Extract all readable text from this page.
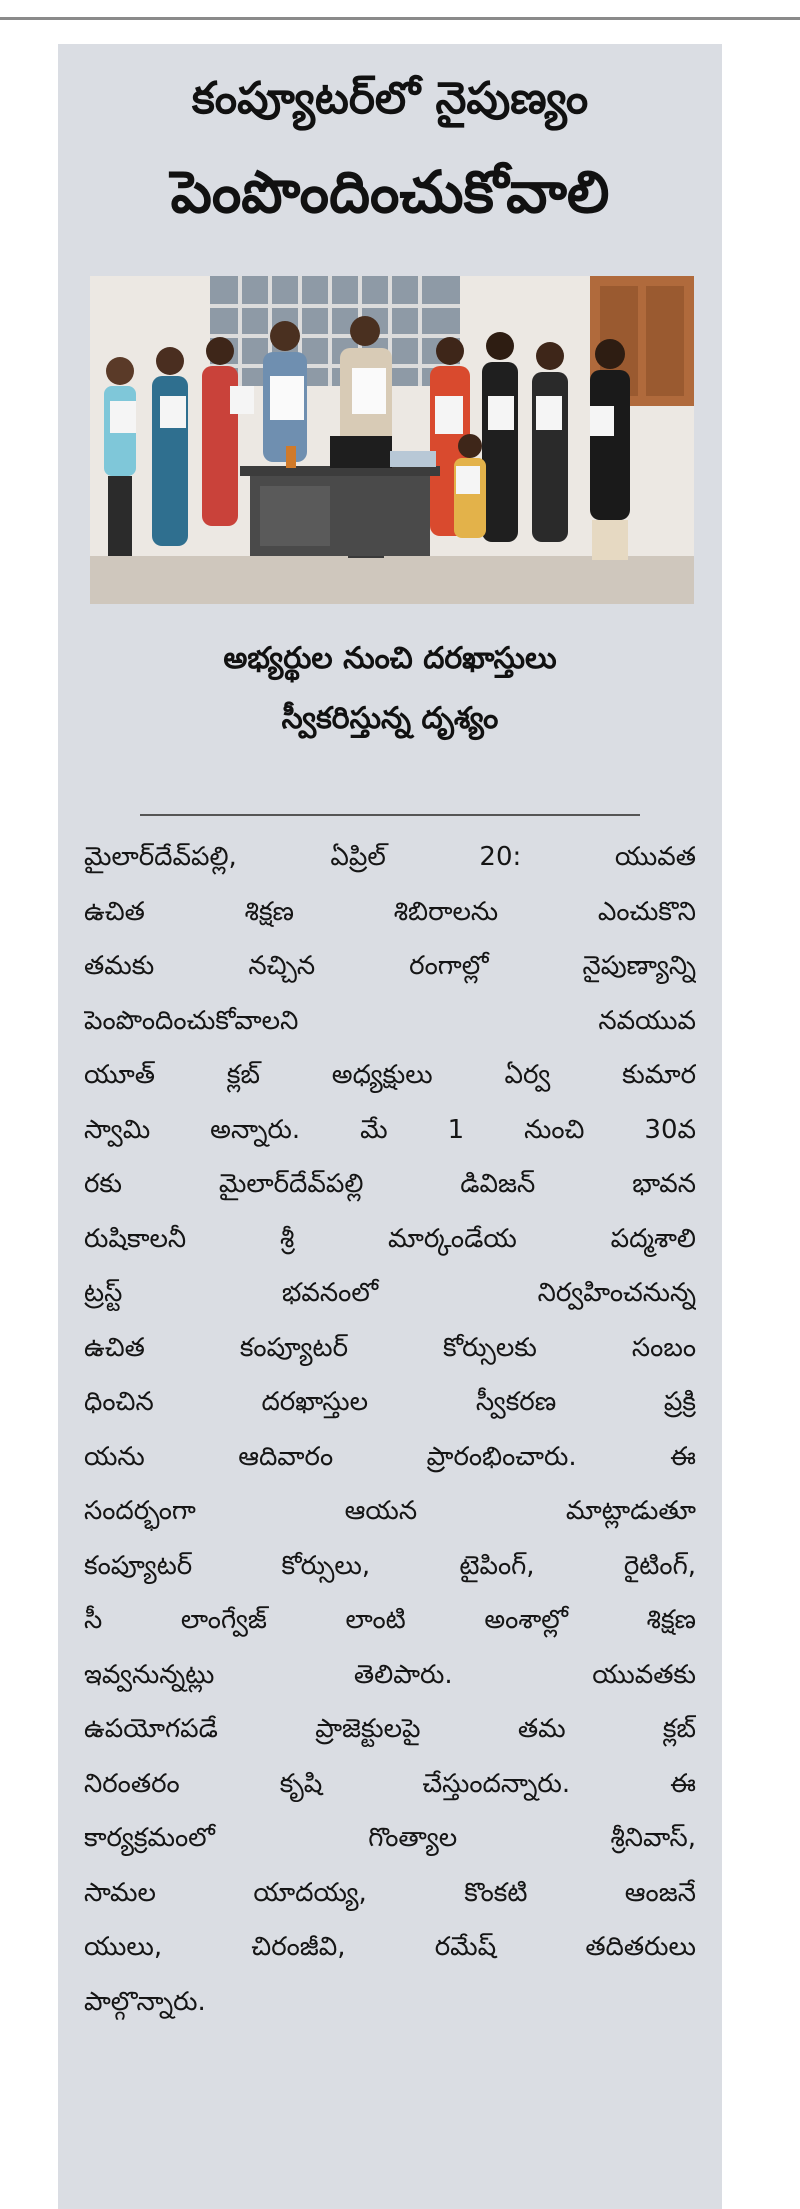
కంప్యూటర్‌లో నైపుణ్యం
పెంపొందించుకోవాలి
అభ్యర్థుల నుంచి దరఖాస్తులు
స్వీకరిస్తున్న దృశ్యం
మైలార్‌దేవ్‌పల్లి, ఏప్రిల్ 20: యువత
ఉచిత శిక్షణ శిబిరాలను ఎంచుకొని
తమకు నచ్చిన రంగాల్లో నైపుణ్యాన్ని
పెంపొందించుకోవాలని నవయువ
యూత్ క్లబ్ అధ్యక్షులు ఏర్వ కుమార
స్వామి అన్నారు. మే 1 నుంచి 30వ
రకు మైలార్‌దేవ్‌పల్లి డివిజన్ భావన
రుషికాలనీ శ్రీ మార్కండేయ పద్మశాలి
ట్రస్ట్ భవనంలో నిర్వహించనున్న
ఉచిత కంప్యూటర్ కోర్సులకు సంబం
ధించిన దరఖాస్తుల స్వీకరణ ప్రక్రి
యను ఆదివారం ప్రారంభించారు. ఈ
సందర్భంగా ఆయన మాట్లాడుతూ
కంప్యూటర్ కోర్సులు, టైపింగ్, రైటింగ్,
సీ లాంగ్వేజ్ లాంటి అంశాల్లో శిక్షణ
ఇవ్వనున్నట్లు తెలిపారు. యువతకు
ఉపయోగపడే ప్రాజెక్టులపై తమ క్లబ్
నిరంతరం కృషి చేస్తుందన్నారు. ఈ
కార్యక్రమంలో గొంత్యాల శ్రీనివాస్,
సామల యాదయ్య, కొంకటి ఆంజనే
యులు, చిరంజీవి, రమేష్ తదితరులు
పాల్గొన్నారు.
